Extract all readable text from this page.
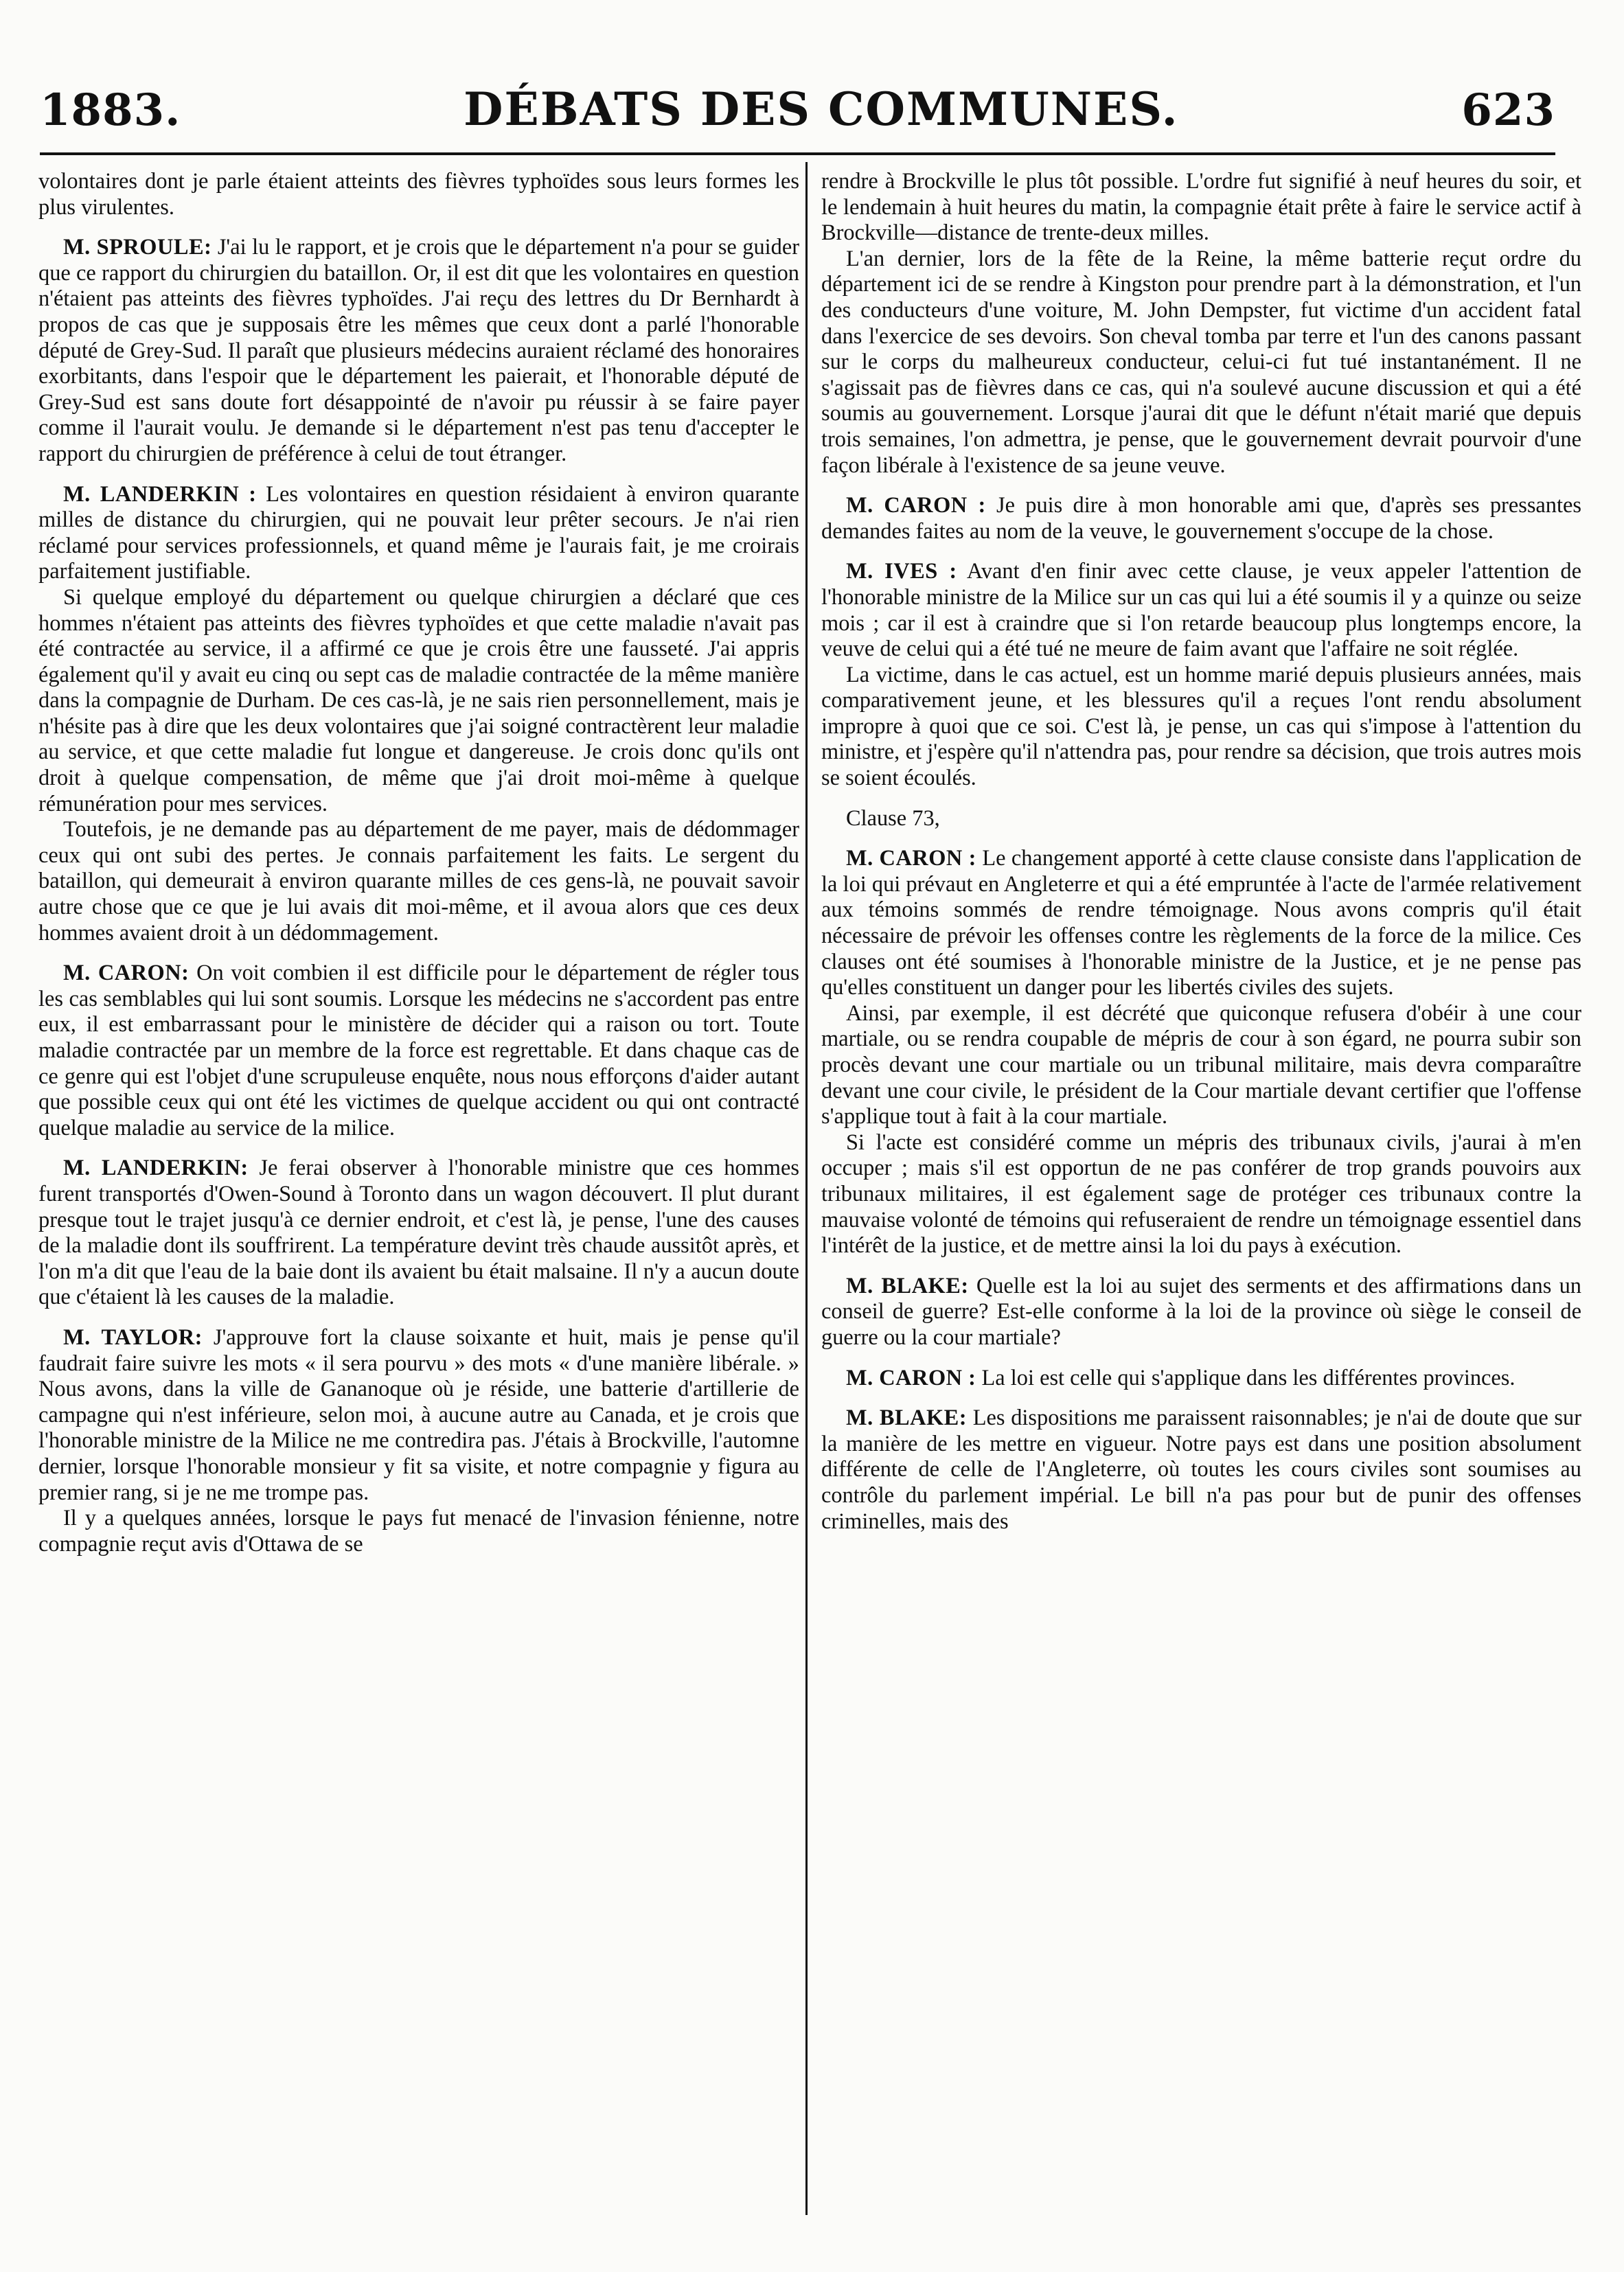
1883.	DÉBATS DES COMMUNES.	623

volontaires dont je parle étaient atteints des fièvres typhoïdes sous leurs formes les plus virulentes.

M. SPROULE: J'ai lu le rapport, et je crois que le département n'a pour se guider que ce rapport du chirurgien du bataillon. Or, il est dit que les volontaires en question n'étaient pas atteints des fièvres typhoïdes. J'ai reçu des lettres du Dr Bernhardt à propos de cas que je supposais être les mêmes que ceux dont a parlé l'honorable député de Grey-Sud. Il paraît que plusieurs médecins auraient réclamé des honoraires exorbitants, dans l'espoir que le département les paierait, et l'honorable député de Grey-Sud est sans doute fort désappointé de n'avoir pu réussir à se faire payer comme il l'aurait voulu. Je demande si le département n'est pas tenu d'accepter le rapport du chirurgien de préférence à celui de tout étranger.

M. LANDERKIN : Les volontaires en question résidaient à environ quarante milles de distance du chirurgien, qui ne pouvait leur prêter secours. Je n'ai rien réclamé pour services professionnels, et quand même je l'aurais fait, je me croirais parfaitement justifiable.

Si quelque employé du département ou quelque chirurgien a déclaré que ces hommes n'étaient pas atteints des fièvres typhoïdes et que cette maladie n'avait pas été contractée au service, il a affirmé ce que je crois être une fausseté. J'ai appris également qu'il y avait eu cinq ou sept cas de maladie contractée de la même manière dans la compagnie de Durham. De ces cas-là, je ne sais rien personnellement, mais je n'hésite pas à dire que les deux volontaires que j'ai soigné contractèrent leur maladie au service, et que cette maladie fut longue et dangereuse. Je crois donc qu'ils ont droit à quelque compensation, de même que j'ai droit moi-même à quelque rémunération pour mes services.

Toutefois, je ne demande pas au département de me payer, mais de dédommager ceux qui ont subi des pertes. Je connais parfaitement les faits. Le sergent du bataillon, qui demeurait à environ quarante milles de ces gens-là, ne pouvait savoir autre chose que ce que je lui avais dit moi-même, et il avoua alors que ces deux hommes avaient droit à un dédommagement.

M. CARON: On voit combien il est difficile pour le département de régler tous les cas semblables qui lui sont soumis. Lorsque les médecins ne s'accordent pas entre eux, il est embarrassant pour le ministère de décider qui a raison ou tort. Toute maladie contractée par un membre de la force est regrettable. Et dans chaque cas de ce genre qui est l'objet d'une scrupuleuse enquête, nous nous efforçons d'aider autant que possible ceux qui ont été les victimes de quelque accident ou qui ont contracté quelque maladie au service de la milice.

M. LANDERKIN: Je ferai observer à l'honorable ministre que ces hommes furent transportés d'Owen-Sound à Toronto dans un wagon découvert. Il plut durant presque tout le trajet jusqu'à ce dernier endroit, et c'est là, je pense, l'une des causes de la maladie dont ils souffrirent. La température devint très chaude aussitôt après, et l'on m'a dit que l'eau de la baie dont ils avaient bu était malsaine. Il n'y a aucun doute que c'étaient là les causes de la maladie.

M. TAYLOR: J'approuve fort la clause soixante et huit, mais je pense qu'il faudrait faire suivre les mots « il sera pourvu » des mots « d'une manière libérale. » Nous avons, dans la ville de Gananoque où je réside, une batterie d'artillerie de campagne qui n'est inférieure, selon moi, à aucune autre au Canada, et je crois que l'honorable ministre de la Milice ne me contredira pas. J'étais à Brockville, l'automne dernier, lorsque l'honorable monsieur y fit sa visite, et notre compagnie y figura au premier rang, si je ne me trompe pas.

Il y a quelques années, lorsque le pays fut menacé de l'invasion fénienne, notre compagnie reçut avis d'Ottawa de se

rendre à Brockville le plus tôt possible. L'ordre fut signifié à neuf heures du soir, et le lendemain à huit heures du matin, la compagnie était prête à faire le service actif à Brockville—distance de trente-deux milles.

L'an dernier, lors de la fête de la Reine, la même batterie reçut ordre du département ici de se rendre à Kingston pour prendre part à la démonstration, et l'un des conducteurs d'une voiture, M. John Dempster, fut victime d'un accident fatal dans l'exercice de ses devoirs. Son cheval tomba par terre et l'un des canons passant sur le corps du malheureux conducteur, celui-ci fut tué instantanément. Il ne s'agissait pas de fièvres dans ce cas, qui n'a soulevé aucune discussion et qui a été soumis au gouvernement. Lorsque j'aurai dit que le défunt n'était marié que depuis trois semaines, l'on admettra, je pense, que le gouvernement devrait pourvoir d'une façon libérale à l'existence de sa jeune veuve.

M. CARON : Je puis dire à mon honorable ami que, d'après ses pressantes demandes faites au nom de la veuve, le gouvernement s'occupe de la chose.

M. IVES : Avant d'en finir avec cette clause, je veux appeler l'attention de l'honorable ministre de la Milice sur un cas qui lui a été soumis il y a quinze ou seize mois ; car il est à craindre que si l'on retarde beaucoup plus longtemps encore, la veuve de celui qui a été tué ne meure de faim avant que l'affaire ne soit réglée.

La victime, dans le cas actuel, est un homme marié depuis plusieurs années, mais comparativement jeune, et les blessures qu'il a reçues l'ont rendu absolument impropre à quoi que ce soi. C'est là, je pense, un cas qui s'impose à l'attention du ministre, et j'espère qu'il n'attendra pas, pour rendre sa décision, que trois autres mois se soient écoulés.

Clause 73,

M. CARON : Le changement apporté à cette clause consiste dans l'application de la loi qui prévaut en Angleterre et qui a été empruntée à l'acte de l'armée relativement aux témoins sommés de rendre témoignage. Nous avons compris qu'il était nécessaire de prévoir les offenses contre les règlements de la force de la milice. Ces clauses ont été soumises à l'honorable ministre de la Justice, et je ne pense pas qu'elles constituent un danger pour les libertés civiles des sujets.

Ainsi, par exemple, il est décrété que quiconque refusera d'obéir à une cour martiale, ou se rendra coupable de mépris de cour à son égard, ne pourra subir son procès devant une cour martiale ou un tribunal militaire, mais devra comparaître devant une cour civile, le président de la Cour martiale devant certifier que l'offense s'applique tout à fait à la cour martiale.

Si l'acte est considéré comme un mépris des tribunaux civils, j'aurai à m'en occuper ; mais s'il est opportun de ne pas conférer de trop grands pouvoirs aux tribunaux militaires, il est également sage de protéger ces tribunaux contre la mauvaise volonté de témoins qui refuseraient de rendre un témoignage essentiel dans l'intérêt de la justice, et de mettre ainsi la loi du pays à exécution.

M. BLAKE: Quelle est la loi au sujet des serments et des affirmations dans un conseil de guerre? Est-elle conforme à la loi de la province où siège le conseil de guerre ou la cour martiale?

M. CARON : La loi est celle qui s'applique dans les différentes provinces.

M. BLAKE: Les dispositions me paraissent raisonnables; je n'ai de doute que sur la manière de les mettre en vigueur. Notre pays est dans une position absolument différente de celle de l'Angleterre, où toutes les cours civiles sont soumises au contrôle du parlement impérial. Le bill n'a pas pour but de punir des offenses criminelles, mais des
